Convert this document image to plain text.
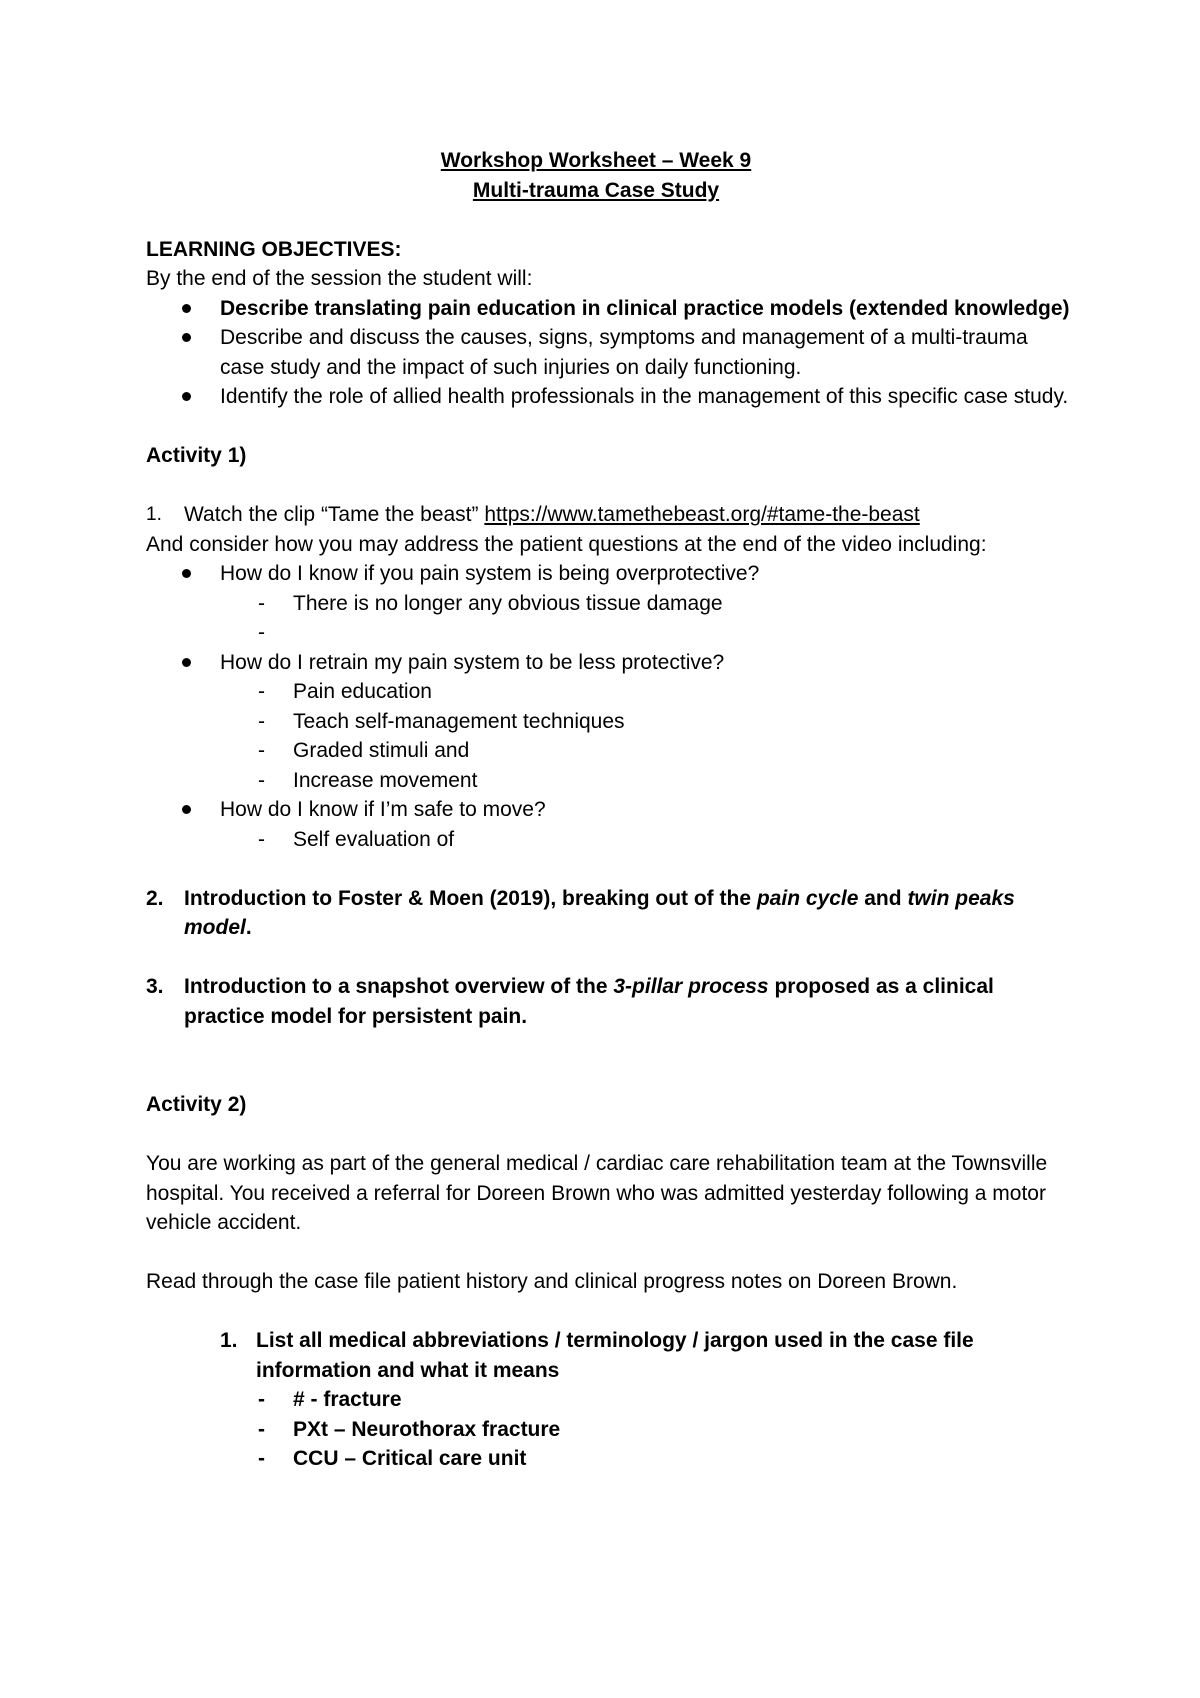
Workshop Worksheet – Week 9
Multi-trauma Case Study

LEARNING OBJECTIVES:

By the end of the session the student will:

Describe translating pain education in clinical practice models (extended knowledge)
Describe and discuss the causes, signs, symptoms and management of a multi-trauma case study and the impact of such injuries on daily functioning.
Identify the role of allied health professionals in the management of this specific case study.

Activity 1)

1. Watch the clip “Tame the beast” https://www.tamethebeast.org/#tame-the-beast

And consider how you may address the patient questions at the end of the video including:

How do I know if you pain system is being overprotective?
- There is no longer any obvious tissue damage
-

How do I retrain my pain system to be less protective?
- Pain education
- Teach self-management techniques
- Graded stimuli and
- Increase movement
How do I know if I’m safe to move?
- Self evaluation of
2. Introduction to Foster & Moen (2019), breaking out of the pain cycle and twin peaks model.
3. Introduction to a snapshot overview of the 3-pillar process proposed as a clinical practice model for persistent pain.

Activity 2)

You are working as part of the general medical / cardiac care rehabilitation team at the Townsville hospital. You received a referral for Doreen Brown who was admitted yesterday following a motor vehicle accident.

Read through the case file patient history and clinical progress notes on Doreen Brown.

1. List all medical abbreviations / terminology / jargon used in the case file information and what it means
- # - fracture
- PXt – Neurothorax fracture
- CCU – Critical care unit
